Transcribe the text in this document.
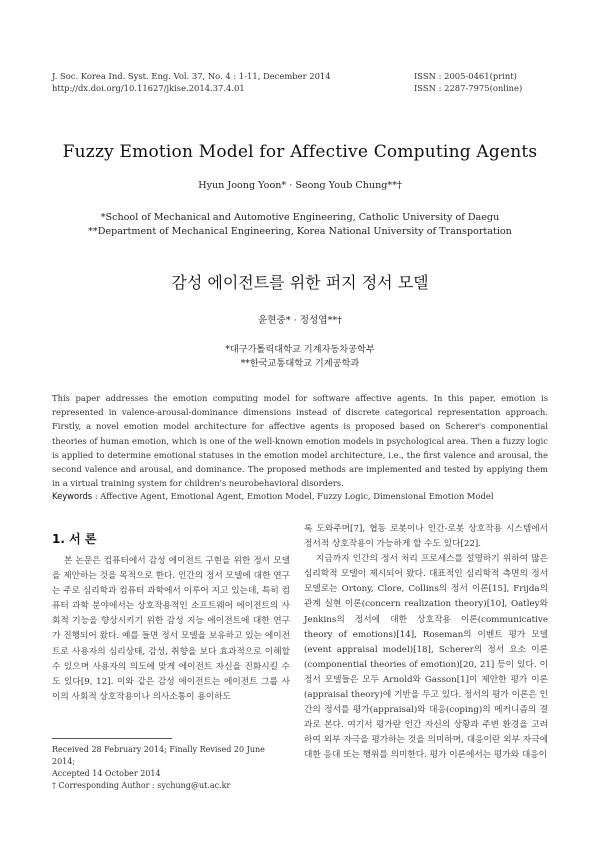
J. Soc. Korea Ind. Syst. Eng. Vol. 37, No. 4 : 1-11, December 2014
http://dx.doi.org/10.11627/jkise.2014.37.4.01
ISSN : 2005-0461(print)
ISSN : 2287-7975(online)
Fuzzy Emotion Model for Affective Computing Agents
Hyun Joong Yoon* · Seong Youb Chung**†
*School of Mechanical and Automotive Engineering, Catholic University of Daegu
**Department of Mechanical Engineering, Korea National University of Transportation
감성 에이전트를 위한 퍼지 정서 모델
윤현중* · 정성엽**†
*대구가톨릭대학교 기계자동차공학부
**한국교통대학교 기계공학과
This paper addresses the emotion computing model for software affective agents. In this paper, emotion is represented in valence-arousal-dominance dimensions instead of discrete categorical representation approach. Firstly, a novel emotion model architecture for affective agents is proposed based on Scherer's componential theories of human emotion, which is one of the well-known emotion models in psychological area. Then a fuzzy logic is applied to determine emotional statuses in the emotion model architecture, i.e., the first valence and arousal, the second valence and arousal, and dominance. The proposed methods are implemented and tested by applying them in a virtual training system for children's neurobehavioral disorders.
Keywords : Affective Agent, Emotional Agent, Emotion Model, Fuzzy Logic, Dimensional Emotion Model
1. 서 론

본 논문은 컴퓨터에서 감성 에이전트 구현을 위한 정서 모델을 제안하는 것을 목적으로 한다. 인간의 정서 모델에 대한 연구는 주로 심리학과 컴퓨터 과학에서 이루어 지고 있는데, 특히 컴퓨터 과학 분야에서는 상호작용적인 소프트웨어 에이전트의 사회적 기능을 향상시키기 위한 감성 지능 에이전트에 대한 연구가 진행되어 왔다. 예를 들면 정서 모델을 보유하고 있는 에이전트로 사용자의 심리상태, 감성, 취향을 보다 효과적으로 이해할 수 있으며 사용자의 의도에 맞게 에이전트 자신을 진화시킬 수도 있다[9, 12]. 이와 같은 감성 에이전트는 에이전트 그룹 사이의 사회적 상호작용이나 의사소통이 용이하도

록 도와주며[7], 협동 로봇이나 인간-로봇 상호작용 시스템에서 정서적 상호작용이 가능하게 할 수도 있다[22].

지금까지 인간의 정서 처리 프로세스를 설명하기 위하여 많은 심리학적 모델이 제시되어 왔다. 대표적인 심리학적 측면의 정서 모델로는 Ortony, Clore, Collins의 정서 이론[15], Frijda의 관계 실현 이론(concern realization theory)[10], Oatley와 Jenkins의 정서에 대한 상호작용 이론(communicative theory of emotions)[14], Roseman의 이벤트 평가 모델(event appraisal model)[18], Scherer의 정서 요소 이론(componential theories of emotion)[20, 21] 등이 있다. 이 정서 모델들은 모두 Arnold와 Gasson[1]이 제안한 평가 이론(appraisal theory)에 기반을 두고 있다. 정서의 평가 이론은 인간의 정서를 평가(appraisal)와 대응(coping)의 메커니즘의 결과로 본다. 여기서 평가란 인간 자신의 상황과 주변 환경을 고려하여 외부 자극을 평가하는 것을 의미하며, 대응이란 외부 자극에 대한 응대 또는 행위를 의미한다. 평가 이론에서는 평가와 대응이

Received 28 February 2014; Finally Revised 20 June 2014;
Accepted 14 October 2014
† Corresponding Author : sychung@ut.ac.kr
